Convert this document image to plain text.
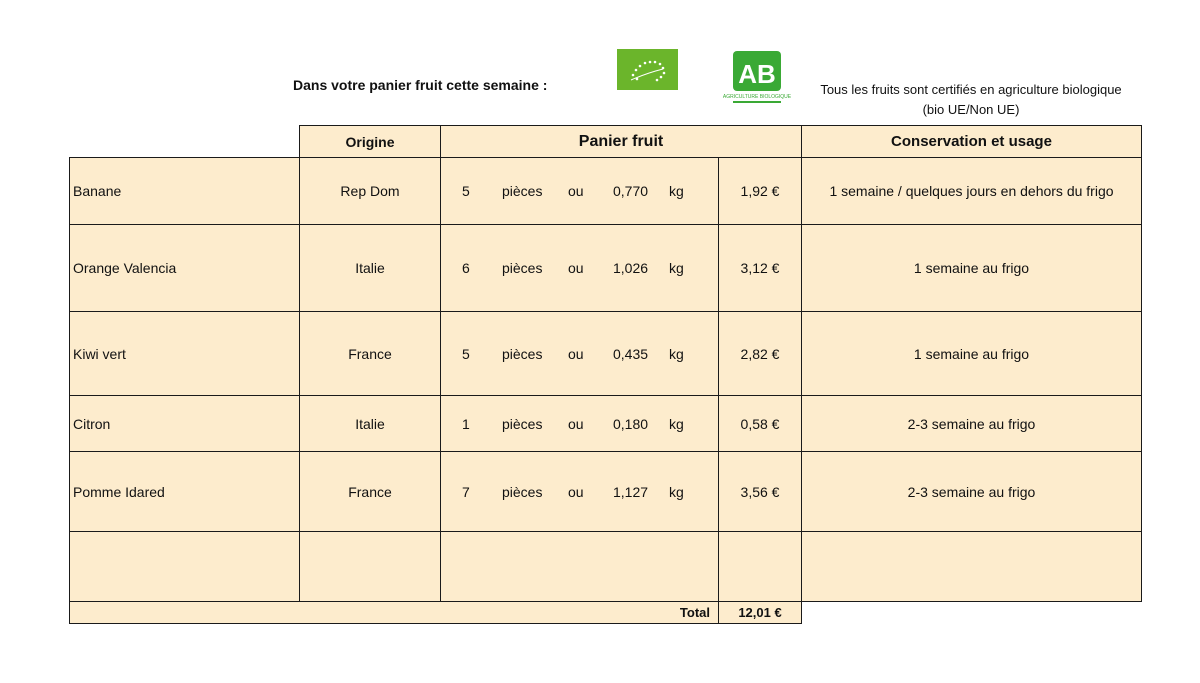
Dans votre panier fruit cette semaine :	AB
AGRICULTURE BIOLOGIQUE	Tous les fruits sont certifiés en agriculture biologique (bio UE/Non UE)
Origine	Panier fruit	Conservation et usage
Banane	Rep Dom	5 pièces ou 0,770 kg	1,92 €	1 semaine / quelques jours en dehors du frigo
Orange Valencia	Italie	6 pièces ou 1,026 kg	3,12 €	1 semaine au frigo
Kiwi vert	France	5 pièces ou 0,435 kg	2,82 €	1 semaine au frigo
Citron	Italie	1 pièces ou 0,180 kg	0,58 €	2-3 semaine au frigo
Pomme Idared	France	7 pièces ou 1,127 kg	3,56 €	2-3 semaine au frigo
Total	12,01 €
